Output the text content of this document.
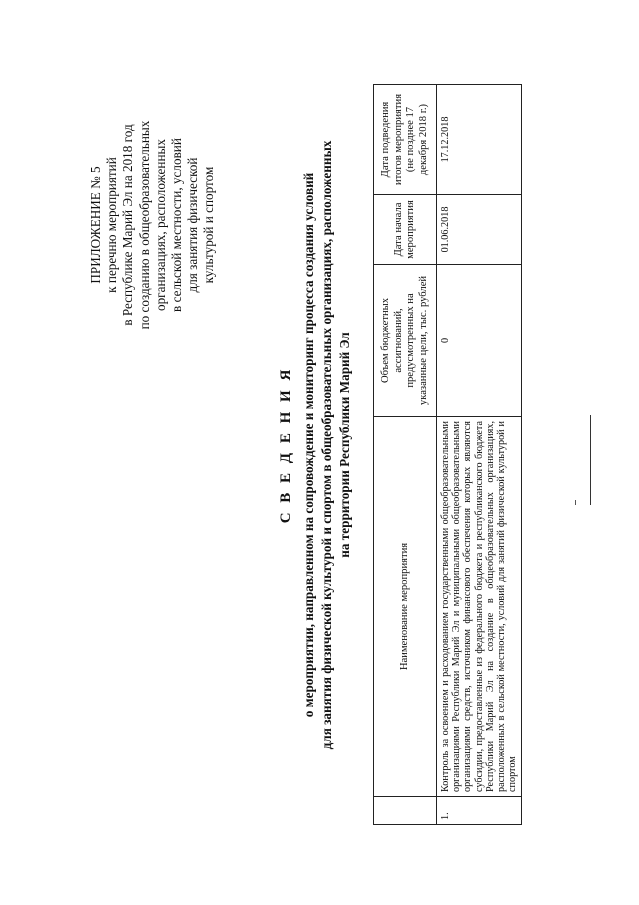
ПРИЛОЖЕНИЕ № 5 к перечню мероприятий в Республике Марий Эл на 2018 год по созданию в общеобразовательных организациях, расположенных в сельской местности, условий для занятия физической культурой и спортом
С В Е Д Е Н И Я о мероприятии, направленном на сопровождение и мониторинг процесса создания условий для занятия физической культурой и спортом в общеобразовательных организациях, расположенных на территории Республики Марий Эл
	Наименование мероприятия	Объем бюджетных ассигнований, предусмотренных на указанные цели, тыс. рублей	Дата начала мероприятия	Дата подведения итогов мероприятия (не позднее 17 декабря 2018 г.)
1.	Контроль за освоением и расходованием государственными общеобразовательными организациями Республики Марий Эл и муниципальными общеобразовательными организациями средств, источником финансового обеспечения которых являются субсидии, предоставленные из федерального бюджета и республиканского бюджета Республики Марий Эл на создание в общеобразовательных организациях, расположенных в сельской местности, условий для занятий физической культурой и спортом	0	01.06.2018	17.12.2018
